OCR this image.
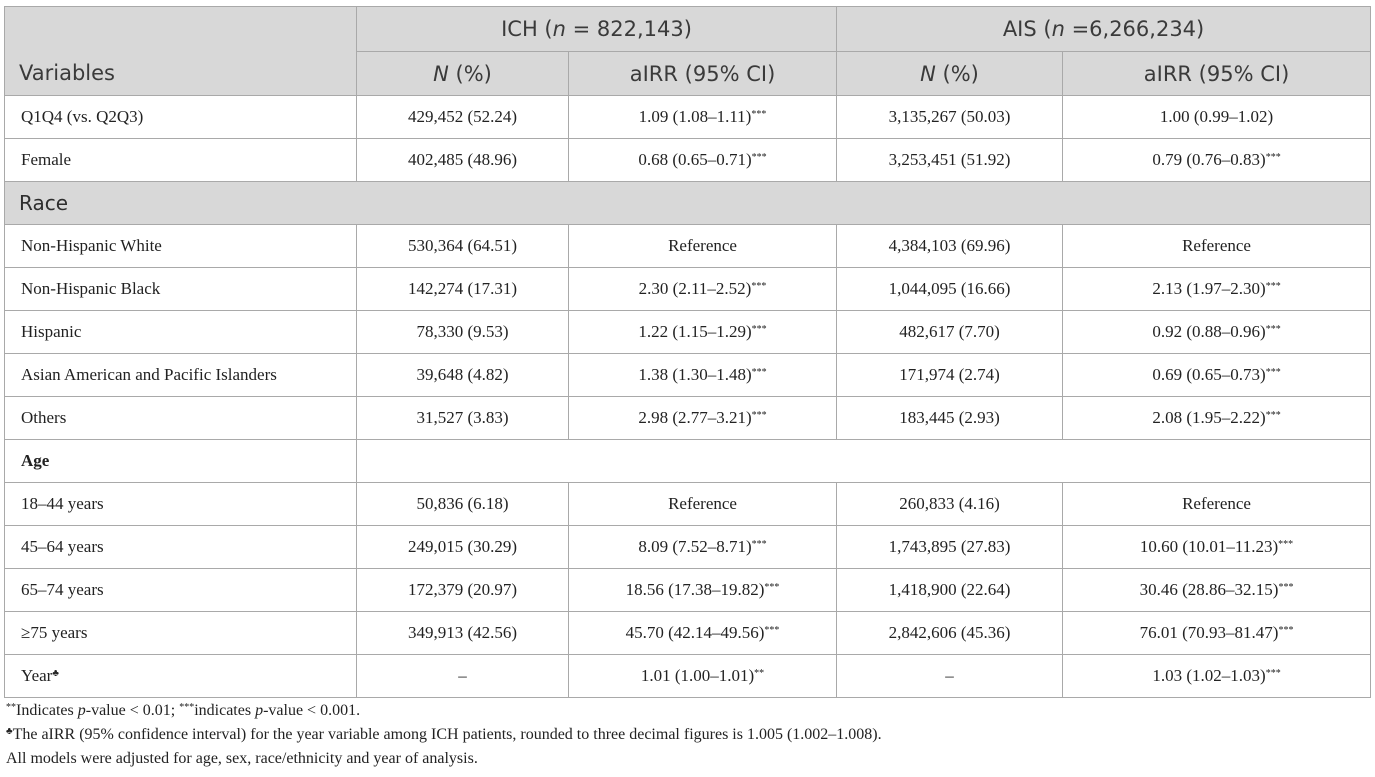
	ICH (n = 822,143)		AIS (n =6,266,234)	
Variables	N (%)	aIRR (95% CI)	N (%)	aIRR (95% CI)
Q1Q4 (vs. Q2Q3)	429,452 (52.24)	1.09 (1.08–1.11)***	3,135,267 (50.03)	1.00 (0.99–1.02)
Female	402,485 (48.96)	0.68 (0.65–0.71)***	3,253,451 (51.92)	0.79 (0.76–0.83)***
Race				
Non-Hispanic White	530,364 (64.51)	Reference	4,384,103 (69.96)	Reference
Non-Hispanic Black	142,274 (17.31)	2.30 (2.11–2.52)***	1,044,095 (16.66)	2.13 (1.97–2.30)***
Hispanic	78,330 (9.53)	1.22 (1.15–1.29)***	482,617 (7.70)	0.92 (0.88–0.96)***
Asian American and Pacific Islanders	39,648 (4.82)	1.38 (1.30–1.48)***	171,974 (2.74)	0.69 (0.65–0.73)***
Others	31,527 (3.83)	2.98 (2.77–3.21)***	183,445 (2.93)	2.08 (1.95–2.22)***
Age				
18–44 years	50,836 (6.18)	Reference	260,833 (4.16)	Reference
45–64 years	249,015 (30.29)	8.09 (7.52–8.71)***	1,743,895 (27.83)	10.60 (10.01–11.23)***
65–74 years	172,379 (20.97)	18.56 (17.38–19.82)***	1,418,900 (22.64)	30.46 (28.86–32.15)***
≥75 years	349,913 (42.56)	45.70 (42.14–49.56)***	2,842,606 (45.36)	76.01 (70.93–81.47)***
Year♣	–	1.01 (1.00–1.01)**	–	1.03 (1.02–1.03)***

**Indicates p-value < 0.01; ***indicates p-value < 0.001.

♣The aIRR (95% confidence interval) for the year variable among ICH patients, rounded to three decimal figures is 1.005 (1.002–1.008).

All models were adjusted for age, sex, race/ethnicity and year of analysis.
